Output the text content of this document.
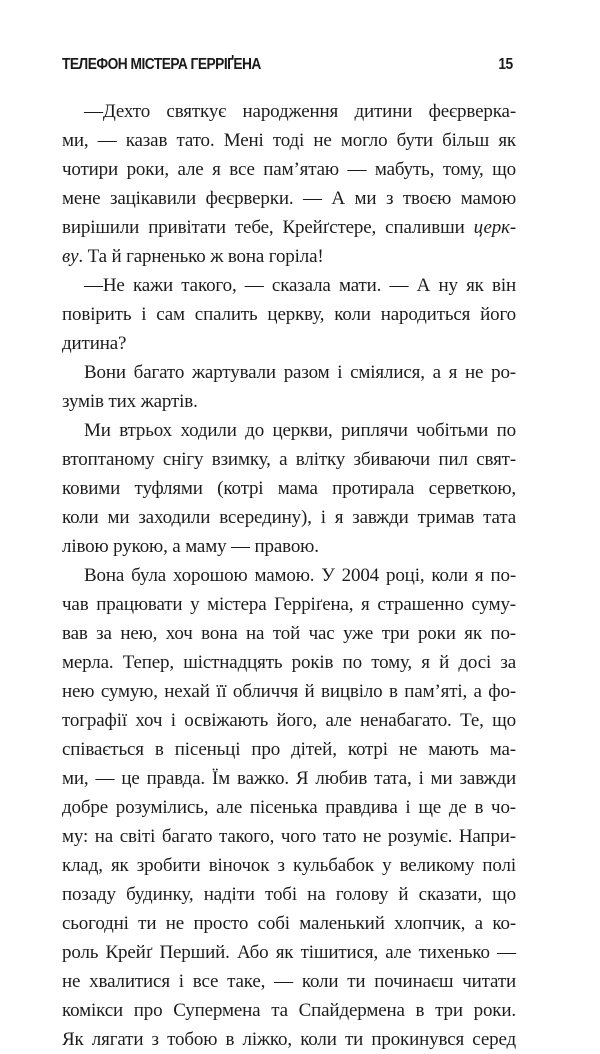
ТЕЛЕФОН МІСТЕРА ГЕРРІҐЕНА	15

—Дехто святкує народження дитини феєрверка-
ми, — казав тато. Мені тоді не могло бути більш як
чотири роки, але я все пам’ятаю — мабуть, тому, що
мене зацікавили феєрверки. — А ми з твоєю мамою
вирішили привітати тебе, Крейґстере, спаливши церк-
ву. Та й гарненько ж вона горіла!

—Не кажи такого, — сказала мати. — А ну як він
повірить і сам спалить церкву, коли народиться його
дитина?

Вони багато жартували разом і сміялися, а я не ро-
зумів тих жартів.

Ми втрьох ходили до церкви, риплячи чобітьми по
втоптаному снігу взимку, а влітку збиваючи пил свят-
ковими туфлями (котрі мама протирала серветкою,
коли ми заходили всередину), і я завжди тримав тата
лівою рукою, а маму — правою.

Вона була хорошою мамою. У 2004 році, коли я по-
чав працювати у містера Герріґена, я страшенно суму-
вав за нею, хоч вона на той час уже три роки як по-
мерла. Тепер, шістнадцять років по тому, я й досі за
нею сумую, нехай її обличчя й вицвіло в пам’яті, а фо-
тографії хоч і освіжають його, але ненабагато. Те, що
співається в пісеньці про дітей, котрі не мають ма-
ми, — це правда. Їм важко. Я любив тата, і ми завжди
добре розумілись, але пісенька правдива і ще де в чо-
му: на світі багато такого, чого тато не розуміє. Напри-
клад, як зробити віночок з кульбабок у великому полі
позаду будинку, надіти тобі на голову й сказати, що
сьогодні ти не просто собі маленький хлопчик, а ко-
роль Крейґ Перший. Або як тішитися, але тихенько —
не хвалитися і все таке, — коли ти починаєш читати
комікси про Супермена та Спайдермена в три роки.
Як лягати з тобою в ліжко, коли ти прокинувся серед
